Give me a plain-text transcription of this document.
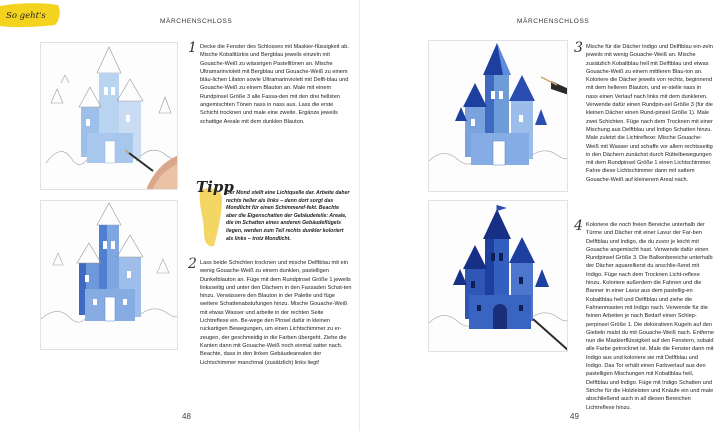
So geht's
MÄRCHENSCHLOSS
1 Decke die Fenster des Schlosses mit Maskier-flüssigkeit ab. Mische Kobalttürkis und Bergblau jeweils einzeln mit Gouache-Weiß zu wässrigen Pastelltönen an. Mische Ultramarinviolett mit Bergblau und Gouache-Weiß zu einem bläu-lichen Lilaton sowie Ultramarinviolett mit Delft-blau und Gouache-Weiß zu einem Blauton an. Male mit einem Rundpinsel Größe 3 alle Fassa-den mit den drei hellsten angemischten Tönen nass in nass aus. Lass die erste Schicht trocknen und male eine zweite. Ergänze jeweils schattige Areale mit dem dunklen Blauton.

Tipp
Der Mond stellt eine Lichtquelle dar. Arbeite daher rechts heller als links – denn dort sorgt das Mondlicht für einen Schimmeref-fekt. Beachte aber die Eigenschatten der Gebäudeteile: Areale, die im Schatten eines anderen Gebäudeflügels liegen, werden zum Teil rechts dunkler koloriert als links – trotz Mondlicht.
2 Lass beide Schichten trocknen und mische Delftblau mit ein wenig Gouache-Weiß zu einem dunklen, pastelligen Dunkelblauton an. Füge mit dem Rundpinsel Größe 1 jeweils linksseitig und unter den Dächern in den Fassaden Schat-ten hinzu. Verwässere den Blauton in der Palette und füge weitere Schattenabstufungen hinzu. Mische Gouache-Weiß mit etwas Wasser und arbeite in der rechten Seite Lichtreflexe ein. Be-wege den Pinsel dafür in kleinen ruckartigen Bewegungen, um einen Lichtschimmer zu er-zeugen, der geschmeidig in die Farben übergeht. Ziehe die Kanten dann mit Gouache-Weiß noch einmal satter nach. Beachte, dass in den linken Gebäudearealen der Lichtschimmer manchmal (zusätzlich) links liegt!

48
MÄRCHENSCHLOSS
3 Mische für die Dächer Indigo und Delftblau ein-zeln jeweils mit wenig Gouache-Weiß an. Mische zusätzlich Kobaltblau hell mit Delftblau und etwas Gouache-Weiß zu einem mittleren Blau-ton an. Koloriere die Dächer jeweils von rechts, beginnend mit dem helleren Blauton, und er-stelle nass in nass einen Verlauf nach links mit dem dunkleren. Verwende dafür einen Rundpin-sel Größe 3 (für die kleinen Dächer einen Rund-pinsel Größe 1). Male zwei Schichten. Füge nach dem Trocknen mit einer Mischung aus Delftblau und Indigo Schatten hinzu. Male zuletzt die Lichtreflexe: Mische Gouache-Weiß mit Wasser und schaffe vor allem rechtsseitig in den Dächern zunächst durch Rüttelbewegungen mit dem Rundpinsel Größe 1 einen Lichtschimmer. Fahre diese Lichtschimmer dann mit sattem Gouache-Weiß auf kleinerem Areal nach.

4 Koloriere die noch freien Bereiche unterhalb der Türme und Dächer mit einer Lavur der Far-ben Delftblau und Indigo, die du zuvor je leicht mit Gouache angemischt hast. Verwende dafür einen Rundpinsel Größe 3. Die Balkenbereiche unterhalb der Dächer aquarellierst du anschlie-ßend mit Indigo. Füge nach dem Trocknen Licht-reflexe hinzu. Koloriere außerdem die Fahnen und die Banner in einer Lavur aus dem pastellig-en Kobaltblau hell und Delftblau und ziehe die Fahnenmasten mit Indigo nach. Verwende für die feinen Arbeiten je nach Bedarf einen Schlep-perpinsel Größe 1. Die dekorativen Kugeln auf den Giebeln malst du mit Gouache-Weiß nach. Entferne nun die Maskierflüssigkeit auf den Fenstern, sobald alle Farbe getrocknet ist. Male die Fenster dann mit Indigo aus und koloriere sie mit Delftblau und Indigo. Das Tor erhält einen Farbverlauf aus den pastelligen Mischungen mit Kobaltblau hell, Delftblau und Indigo. Füge mit Indigo Schatten und Striche für die Holzleisten und Knäufe ein und male abschließend auch in all diesen Bereichen Lichtreflexe hinzu.

49
